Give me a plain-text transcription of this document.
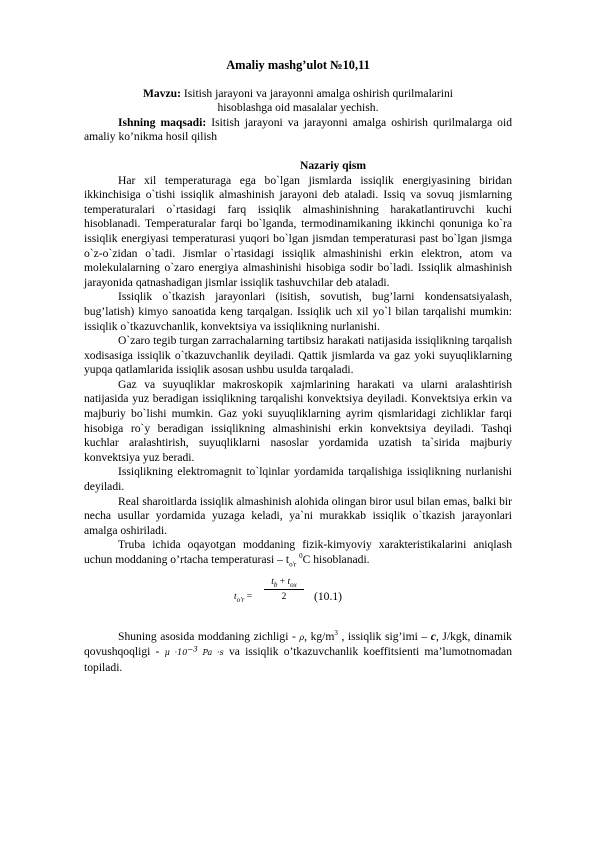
Amaliy mashg’ulot №10,11
Mavzu: Isitish jarayoni va jarayonni amalga oshirish qurilmalarini
hisoblashga oid masalalar yechish.
Ishning maqsadi: Isitish jarayoni va jarayonni amalga oshirish qurilmalarga oid amaliy ko’nikma hosil qilish
Nazariy qism

Har xil temperaturaga ega bo`lgan jismlarda issiqlik energiyasining biridan ikkinchisiga o`tishi issiqlik almashinish jarayoni deb ataladi. Issiq va sovuq jismlarning temperaturalari o`rtasidagi farq issiqlik almashinishning harakatlantiruvchi kuchi hisoblanadi. Temperaturalar farqi bo`lganda, termodinamikaning ikkinchi qonuniga ko`ra issiqlik energiyasi temperaturasi yuqori bo`lgan jismdan temperaturasi past bo`lgan jismga o`z-o`zidan o`tadi. Jismlar o`rtasidagi issiqlik almashinishi erkin elektron, atom va molekulalarning o`zaro energiya almashinishi hisobiga sodir bo`ladi. Issiqlik almashinish jarayonida qatnashadigan jismlar issiqlik tashuvchilar deb ataladi.

Issiqlik o`tkazish jarayonlari (isitish, sovutish, bug’larni kondensatsiyalash, bug’latish) kimyo sanoatida keng tarqalgan. Issiqlik uch xil yo`l bilan tarqalishi mumkin: issiqlik o`tkazuvchanlik, konvektsiya va issiqlikning nurlanishi.

O`zaro tegib turgan zarrachalarning tartibsiz harakati natijasida issiqlikning tarqalish xodisasiga issiqlik o`tkazuvchanlik deyiladi. Qattik jismlarda va gaz yoki suyuqliklarning yupqa qatlamlarida issiqlik asosan ushbu usulda tarqaladi.

Gaz va suyuqliklar makroskopik xajmlarining harakati va ularni aralashtirish natijasida yuz beradigan issiqlikning tarqalishi konvektsiya deyiladi. Konvektsiya erkin va majburiy bo`lishi mumkin. Gaz yoki suyuqliklarning ayrim qismlaridagi zichliklar farqi hisobiga ro`y beradigan issiqlikning almashinishi erkin konvektsiya deyiladi. Tashqi kuchlar aralashtirish, suyuqliklarni nasoslar yordamida uzatish ta`sirida majburiy konvektsiya yuz beradi.

Issiqlikning elektromagnit to`lqinlar yordamida tarqalishiga issiqlikning nurlanishi deyiladi.

Real sharoitlarda issiqlik almashinish alohida olingan biror usul bilan emas, balki bir necha usullar yordamida yuzaga keladi, ya`ni murakkab issiqlik o`tkazish jarayonlari amalga oshiriladi.

Truba ichida oqayotgan moddaning fizik-kimyoviy xarakteristikalarini aniqlash uchun moddaning o’rtacha temperaturasi – $t_{o'r}$ $^0$C hisoblanadi.

$t_{o'r}$ =
$t_b + t_{ox}$
2	(10.1)

Shuning asosida moddaning zichligi - ρ, $kg/m^3$ , issiqlik sig’imi – c, J/kgk, dinamik qovushqoqligi - $\mu \cdot 10^{-3}$ Pa ·s va issiqlik o’tkazuvchanlik koeffitsienti ma’lumotnomadan topiladi.
